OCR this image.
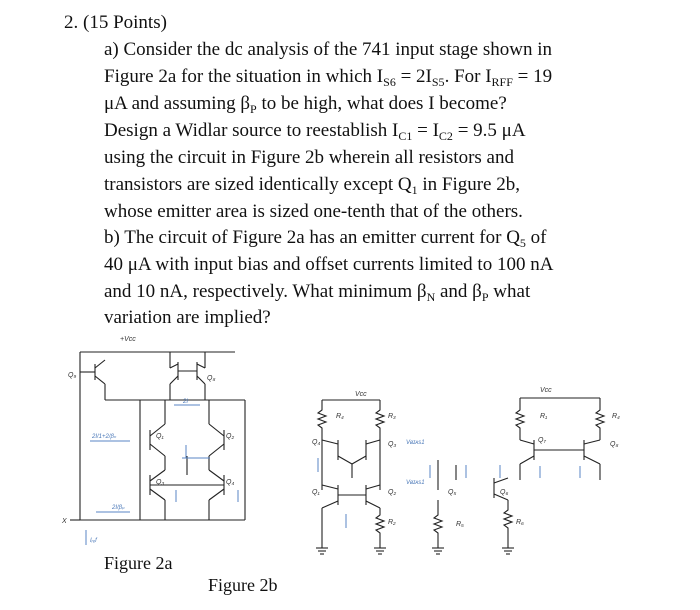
2. (15 Points)
a) Consider the dc analysis of the 741 input stage shown in
Figure 2a for the situation in which $I_{S6} = 2I_{S5}$. For $I_{RFF} = 19$
μA and assuming $\beta_P$ to be high, what does I become?
Design a Widlar source to reestablish $I_{C1} = I_{C2} = 9.5$ μA
using the circuit in Figure 2b wherein all resistors and
transistors are sized identically except $Q_1$ in Figure 2b,
whose emitter area is sized one-tenth that of the others.
b) The circuit of Figure 2a has an emitter current for $Q_5$ of
40 μA with input bias and offset currents limited to 100 nA
and 10 nA, respectively. What minimum $\beta_N$ and $\beta_P$ what
variation are implied?
+Vᴄᴄ
2I/1+2/βₙ
2I/βₚ
2I
Iᵣₑf
Q₉	Q₈
Q₁	Q₂
Q₃	Q₄
X
Vᴄᴄ
R₄	R₃
Q₄	Q₃ Vʙɪᴀs1
Q₁	Q₂
Vʙɪᴀs1
R₂	R₅
Q₅	Q₆
R₆
Vᴄᴄ
R₁	R₄
Q₇
Q₈
Figure 2a
Figure 2b
